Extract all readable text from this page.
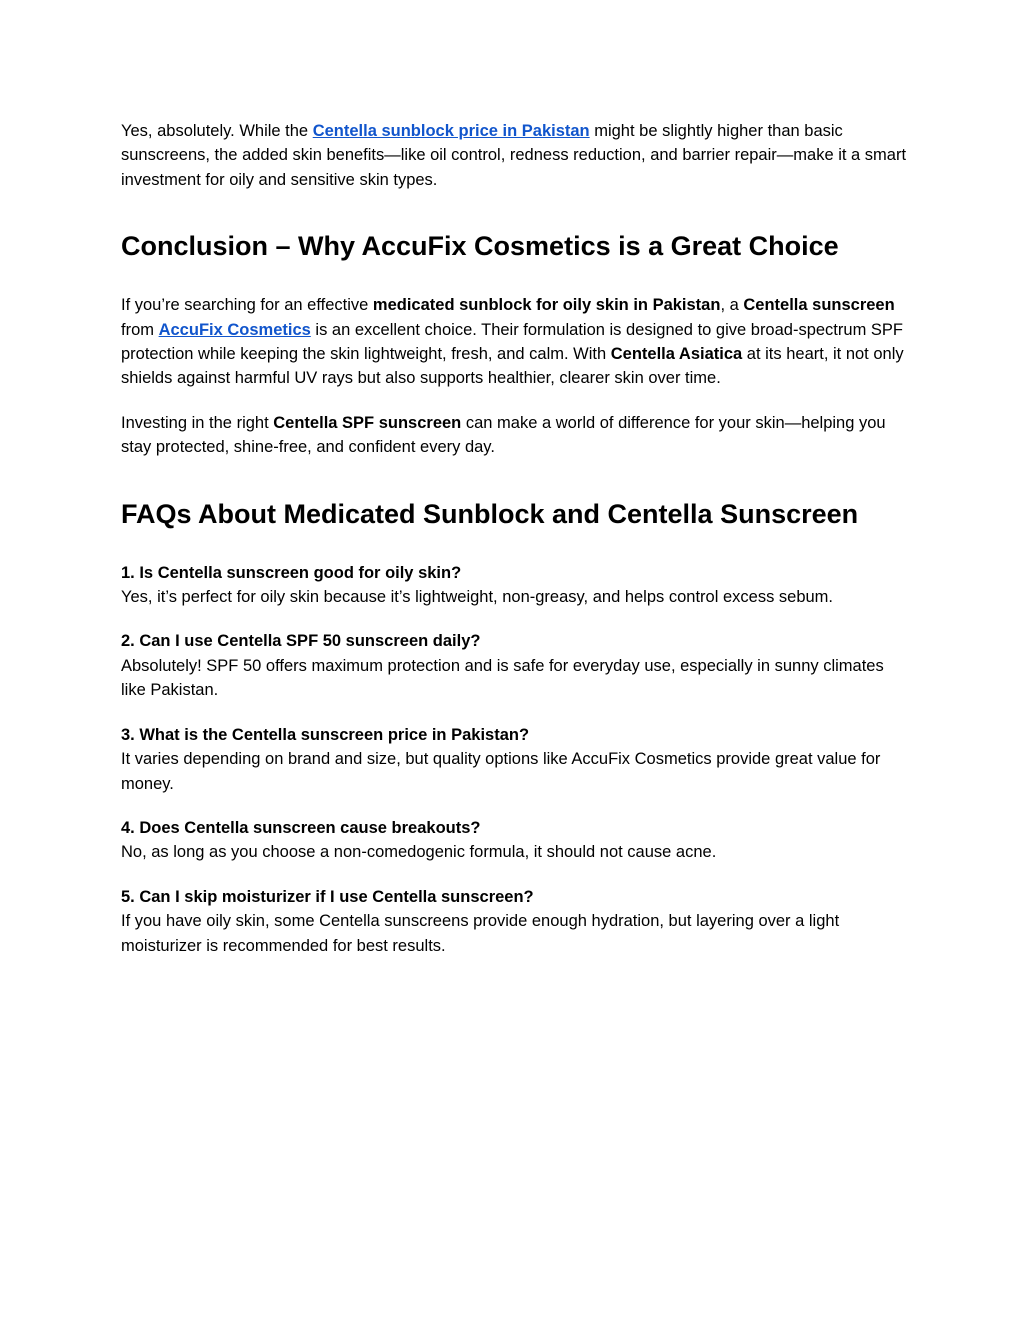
Yes, absolutely. While the Centella sunblock price in Pakistan might be slightly higher than basic sunscreens, the added skin benefits—like oil control, redness reduction, and barrier repair—make it a smart investment for oily and sensitive skin types.

Conclusion – Why AccuFix Cosmetics is a Great Choice

If you’re searching for an effective medicated sunblock for oily skin in Pakistan, a Centella sunscreen from AccuFix Cosmetics is an excellent choice. Their formulation is designed to give broad-spectrum SPF protection while keeping the skin lightweight, fresh, and calm. With Centella Asiatica at its heart, it not only shields against harmful UV rays but also supports healthier, clearer skin over time.

Investing in the right Centella SPF sunscreen can make a world of difference for your skin—helping you stay protected, shine-free, and confident every day.

FAQs About Medicated Sunblock and Centella Sunscreen

1. Is Centella sunscreen good for oily skin?
Yes, it’s perfect for oily skin because it’s lightweight, non-greasy, and helps control excess sebum.

2. Can I use Centella SPF 50 sunscreen daily?
Absolutely! SPF 50 offers maximum protection and is safe for everyday use, especially in sunny climates like Pakistan.

3. What is the Centella sunscreen price in Pakistan?
It varies depending on brand and size, but quality options like AccuFix Cosmetics provide great value for money.

4. Does Centella sunscreen cause breakouts?
No, as long as you choose a non-comedogenic formula, it should not cause acne.

5. Can I skip moisturizer if I use Centella sunscreen?
If you have oily skin, some Centella sunscreens provide enough hydration, but layering over a light moisturizer is recommended for best results.
